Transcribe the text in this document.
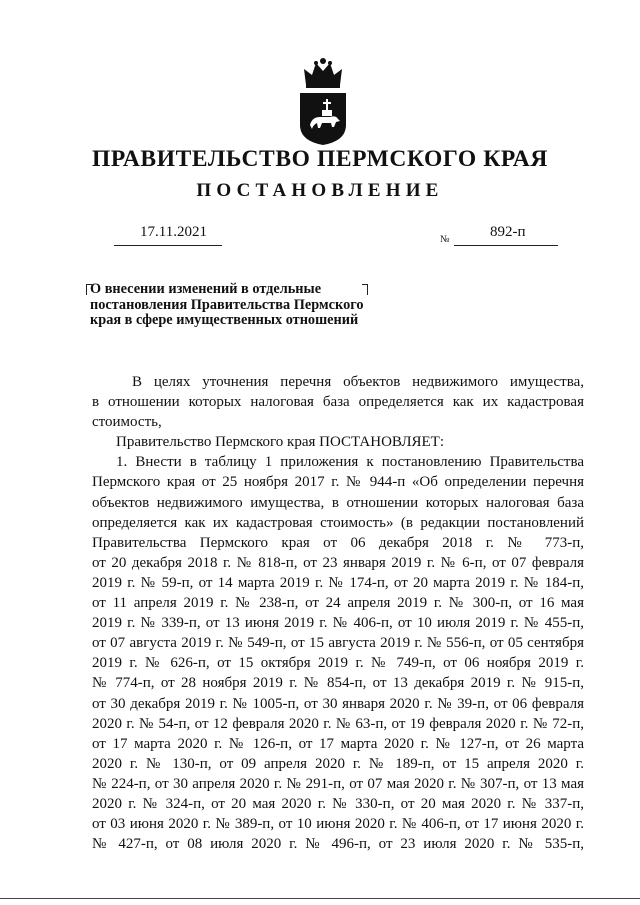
ПРАВИТЕЛЬСТВО ПЕРМСКОГО КРАЯ
ПОСТАНОВЛЕНИЕ
17.11.2021	№	892-п
О внесении изменений в отдельные
постановления Правительства Пермского
края в сфере имущественных отношений
В целях уточнения перечня объектов недвижимого имущества,
в отношении которых налоговая база определяется как их кадастровая
стоимость,
Правительство Пермского края ПОСТАНОВЛЯЕТ:
1. Внести в таблицу 1 приложения к постановлению Правительства
Пермского края от 25 ноября 2017 г. № 944-п «Об определении перечня
объектов недвижимого имущества, в отношении которых налоговая база
определяется как их кадастровая стоимость» (в редакции постановлений
Правительства Пермского края от 06 декабря 2018 г. № 773-п,
от 20 декабря 2018 г. № 818-п, от 23 января 2019 г. № 6-п, от 07 февраля
2019 г. № 59-п, от 14 марта 2019 г. № 174-п, от 20 марта 2019 г. № 184-п,
от 11 апреля 2019 г. № 238-п, от 24 апреля 2019 г. № 300-п, от 16 мая
2019 г. № 339-п, от 13 июня 2019 г. № 406-п, от 10 июля 2019 г. № 455-п,
от 07 августа 2019 г. № 549-п, от 15 августа 2019 г. № 556-п, от 05 сентября
2019 г. № 626-п, от 15 октября 2019 г. № 749-п, от 06 ноября 2019 г.
№ 774-п, от 28 ноября 2019 г. № 854-п, от 13 декабря 2019 г. № 915-п,
от 30 декабря 2019 г. № 1005-п, от 30 января 2020 г. № 39-п, от 06 февраля
2020 г. № 54-п, от 12 февраля 2020 г. № 63-п, от 19 февраля 2020 г. № 72-п,
от 17 марта 2020 г. № 126-п, от 17 марта 2020 г. № 127-п, от 26 марта
2020 г. № 130-п, от 09 апреля 2020 г. № 189-п, от 15 апреля 2020 г.
№ 224-п, от 30 апреля 2020 г. № 291-п, от 07 мая 2020 г. № 307-п, от 13 мая
2020 г. № 324-п, от 20 мая 2020 г. № 330-п, от 20 мая 2020 г. № 337-п,
от 03 июня 2020 г. № 389-п, от 10 июня 2020 г. № 406-п, от 17 июня 2020 г.
№ 427-п, от 08 июля 2020 г. № 496-п, от 23 июля 2020 г. № 535-п,
